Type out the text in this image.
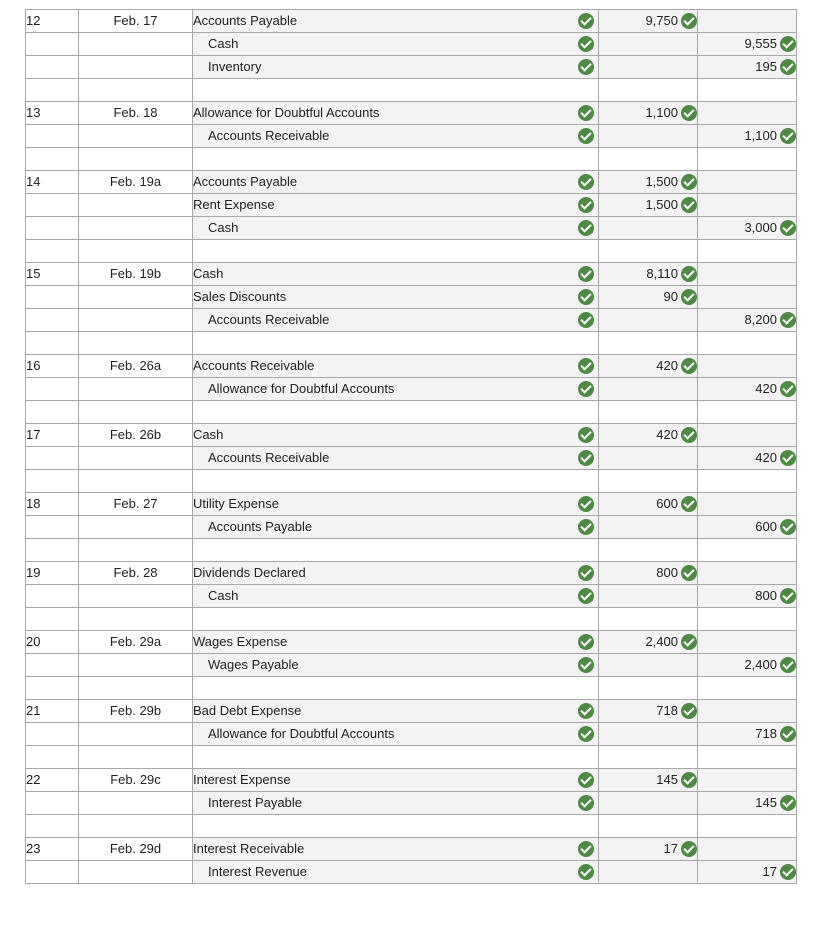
12	Feb. 17	Accounts Payable	9,750	
		Cash		9,555
		Inventory		195

13	Feb. 18	Allowance for Doubtful Accounts	1,100	
		Accounts Receivable		1,100

14	Feb. 19a	Accounts Payable	1,500	
		Rent Expense	1,500	
		Cash		3,000

15	Feb. 19b	Cash	8,110	
		Sales Discounts	90	
		Accounts Receivable		8,200

16	Feb. 26a	Accounts Receivable	420	
		Allowance for Doubtful Accounts		420

17	Feb. 26b	Cash	420	
		Accounts Receivable		420

18	Feb. 27	Utility Expense	600	
		Accounts Payable		600

19	Feb. 28	Dividends Declared	800	
		Cash		800

20	Feb. 29a	Wages Expense	2,400	
		Wages Payable		2,400

21	Feb. 29b	Bad Debt Expense	718	
		Allowance for Doubtful Accounts		718

22	Feb. 29c	Interest Expense	145	
		Interest Payable		145

23	Feb. 29d	Interest Receivable	17	
		Interest Revenue		17
